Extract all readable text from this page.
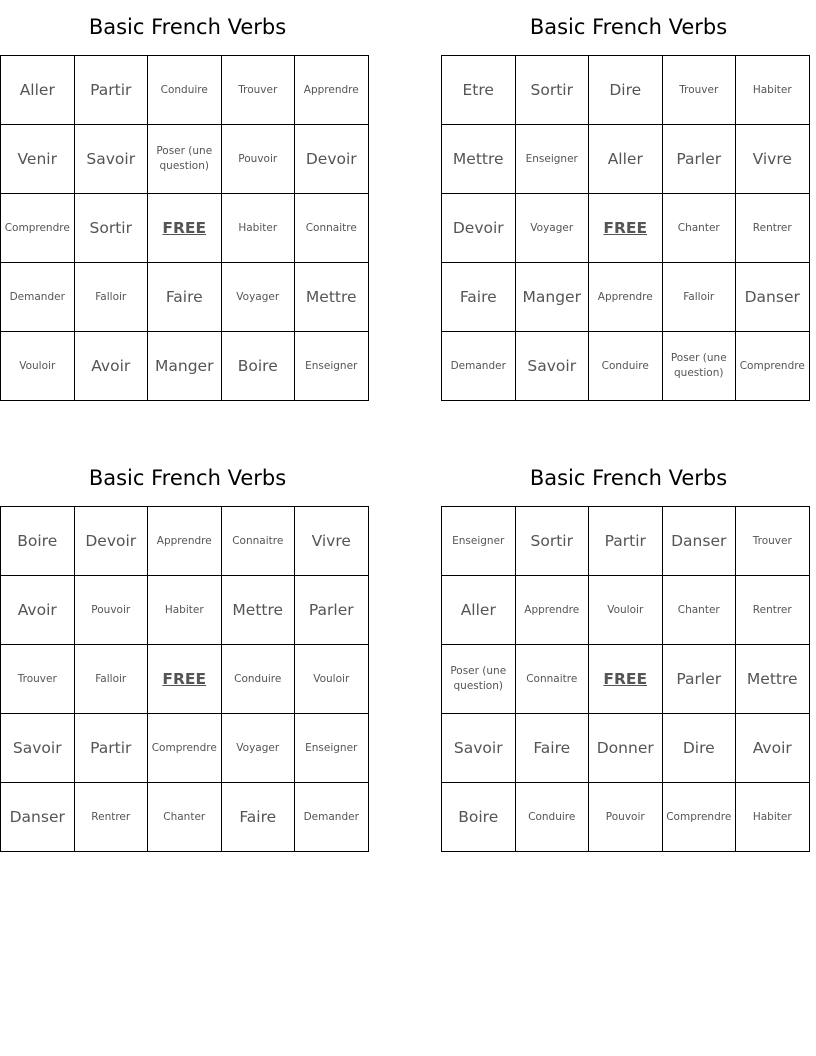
Basic French Verbs
Aller	Partir	Conduire	Trouver	Apprendre
Venir	Savoir	Poser (une question)	Pouvoir	Devoir
Comprendre	Sortir	FREE	Habiter	Connaitre
Demander	Falloir	Faire	Voyager	Mettre
Vouloir	Avoir	Manger	Boire	Enseigner
Basic French Verbs
Etre	Sortir	Dire	Trouver	Habiter
Mettre	Enseigner	Aller	Parler	Vivre
Devoir	Voyager	FREE	Chanter	Rentrer
Faire	Manger	Apprendre	Falloir	Danser
Demander	Savoir	Conduire	Poser (une question)	Comprendre
Basic French Verbs
Boire	Devoir	Apprendre	Connaitre	Vivre
Avoir	Pouvoir	Habiter	Mettre	Parler
Trouver	Falloir	FREE	Conduire	Vouloir
Savoir	Partir	Comprendre	Voyager	Enseigner
Danser	Rentrer	Chanter	Faire	Demander
Basic French Verbs
Enseigner	Sortir	Partir	Danser	Trouver
Aller	Apprendre	Vouloir	Chanter	Rentrer
Poser (une question)	Connaitre	FREE	Parler	Mettre
Savoir	Faire	Donner	Dire	Avoir
Boire	Conduire	Pouvoir	Comprendre	Habiter
